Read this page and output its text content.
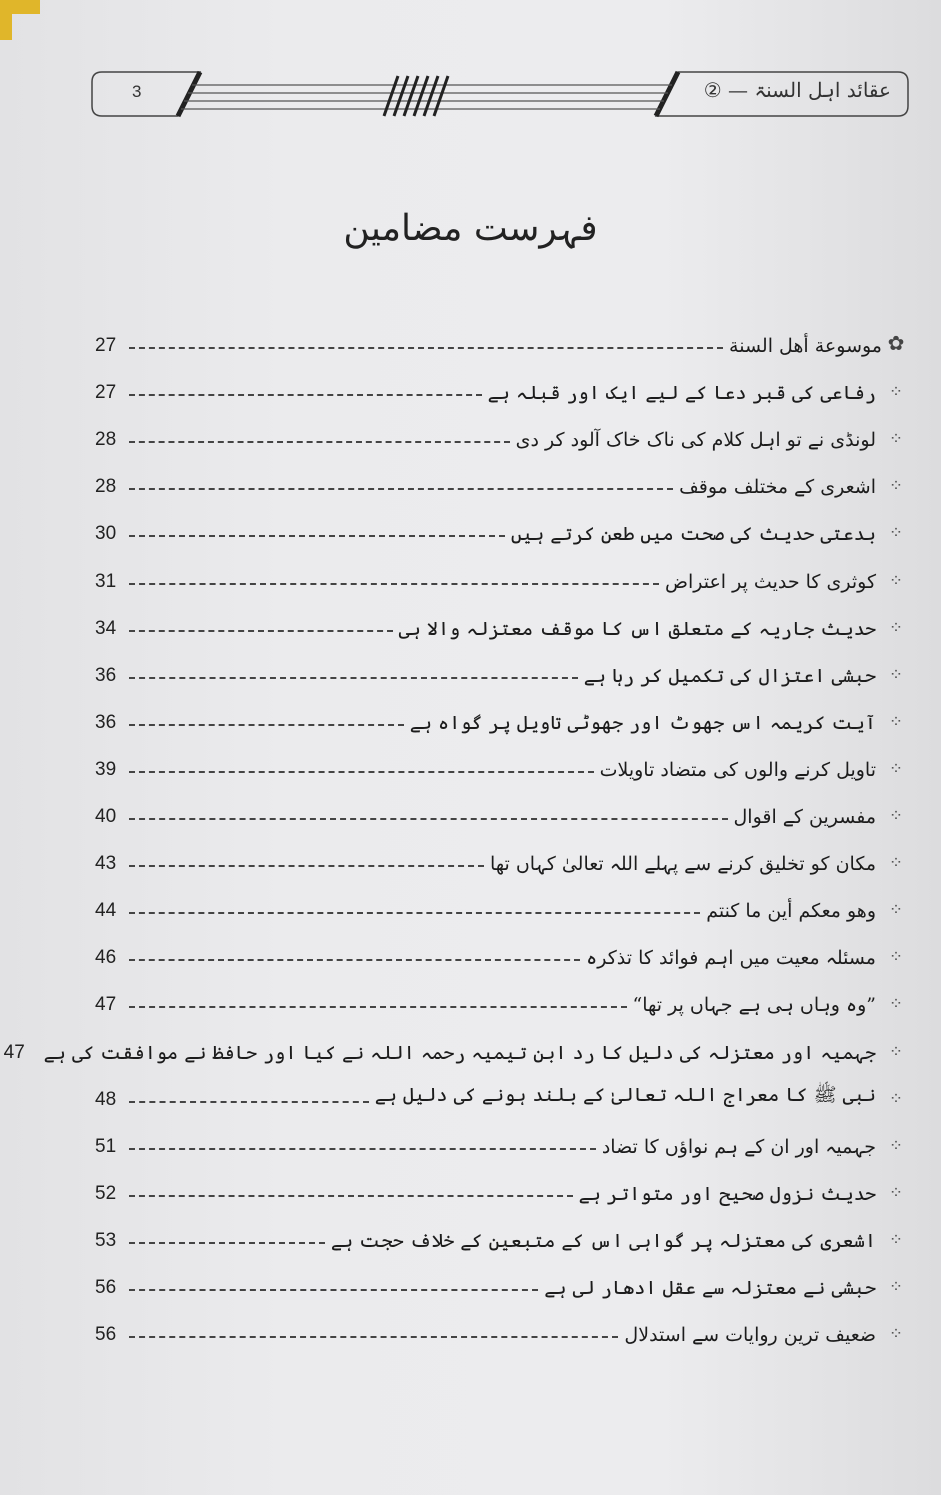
3	عقائد اہل السنۃ — ②
فہرست مضامین
✿
موسوعة أهل السنة
27
⁘
رفاعی کی قبر دعا کے لیے ایک اور قبلہ ہے
27
⁘
لونڈی نے تو اہل کلام کی ناک خاک آلود کر دی
28
⁘
اشعری کے مختلف موقف
28
⁘
بدعتی حدیث کی صحت میں طعن کرتے ہیں
30
⁘
کوثری کا حدیث پر اعتراض
31
⁘
حدیث جاریہ کے متعلق اس کا موقف معتزلہ والا ہی
34
⁘
حبشی اعتزال کی تکمیل کر رہا ہے
36
⁘
آیت کریمہ اس جھوٹ اور جھوٹی تاویل پر گواہ ہے
36
⁘
تاویل کرنے والوں کی متضاد تاویلات
39
⁘
مفسرین کے اقوال
40
⁘
مکان کو تخلیق کرنے سے پہلے اللہ تعالیٰ کہاں تھا
43
⁘
وهو معكم أين ما كنتم
44
⁘
مسئلہ معیت میں اہم فوائد کا تذکرہ
46
⁘
”وہ وہاں ہی ہے جہاں پر تھا“
47
⁘
جہمیہ اور معتزلہ کی دلیل کا رد ابن تیمیہ رحمہ اللہ نے کیا اور حافظ نے موافقت کی ہے
47
⁘
نبی ﷺ کا معراج اللہ تعالیٰ کے بلند ہونے کی دلیل ہے
48
⁘
جہمیہ اور ان کے ہم نواؤں کا تضاد
51
⁘
حدیث نزول صحیح اور متواتر ہے
52
⁘
اشعری کی معتزلہ پر گواہی اس کے متبعین کے خلاف حجت ہے
53
⁘
حبشی نے معتزلہ سے عقل ادھار لی ہے
56
⁘
ضعیف ترین روایات سے استدلال
56
